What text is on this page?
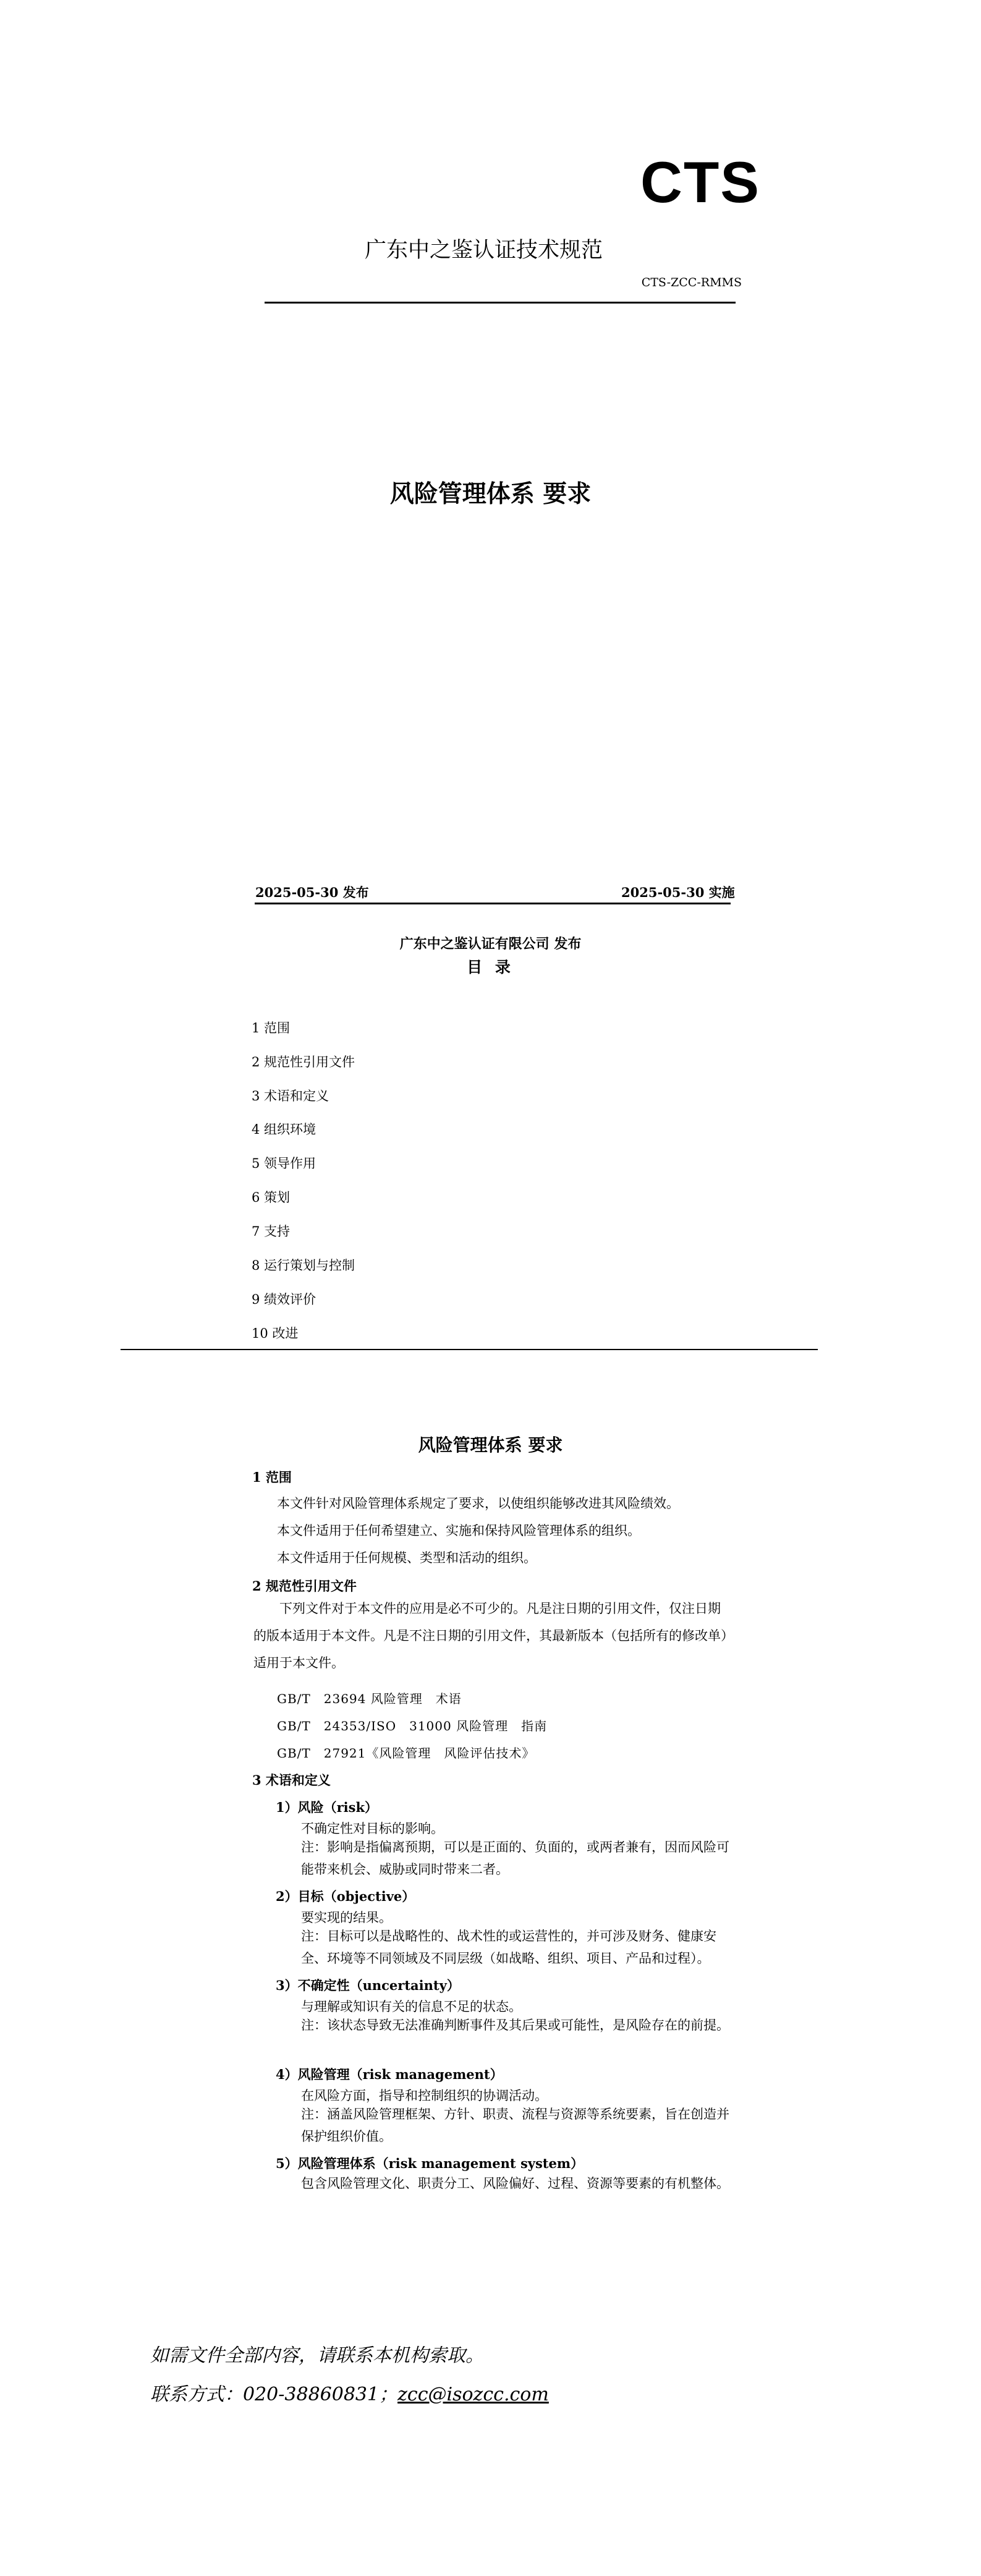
CTS
广东中之鉴认证技术规范
CTS-ZCC-RMMS
风险管理体系 要求
2025-05-30 发布	2025-05-30 实施
广东中之鉴认证有限公司 发布
目 录
1 范围
2 规范性引用文件
3 术语和定义
4 组织环境
5 领导作用
6 策划
7 支持
8 运行策划与控制
9 绩效评价
10 改进
风险管理体系 要求
1 范围
本文件针对风险管理体系规定了要求，以使组织能够改进其风险绩效。
本文件适用于任何希望建立、实施和保持风险管理体系的组织。
本文件适用于任何规模、类型和活动的组织。
2 规范性引用文件
下列文件对于本文件的应用是必不可少的。凡是注日期的引用文件，仅注日期的版本适用于本文件。凡是不注日期的引用文件，其最新版本（包括所有的修改单）适用于本文件。
GB/T　23694 风险管理　术语
GB/T　24353/ISO　31000 风险管理　指南
GB/T　27921《风险管理　风险评估技术》
3 术语和定义
1）风险（risk）
不确定性对目标的影响。
注：影响是指偏离预期，可以是正面的、负面的，或两者兼有，因而风险可能带来机会、威胁或同时带来二者。
2）目标（objective）
要实现的结果。
注：目标可以是战略性的、战术性的或运营性的，并可涉及财务、健康安全、环境等不同领域及不同层级（如战略、组织、项目、产品和过程）。
3）不确定性（uncertainty）
与理解或知识有关的信息不足的状态。
注：该状态导致无法准确判断事件及其后果或可能性，是风险存在的前提。
4）风险管理（risk management）
在风险方面，指导和控制组织的协调活动。
注：涵盖风险管理框架、方针、职责、流程与资源等系统要素，旨在创造并保护组织价值。
5）风险管理体系（risk management system）
包含风险管理文化、职责分工、风险偏好、过程、资源等要素的有机整体。
如需文件全部内容，请联系本机构索取。
联系方式：020-38860831；zcc@isozcc.com
